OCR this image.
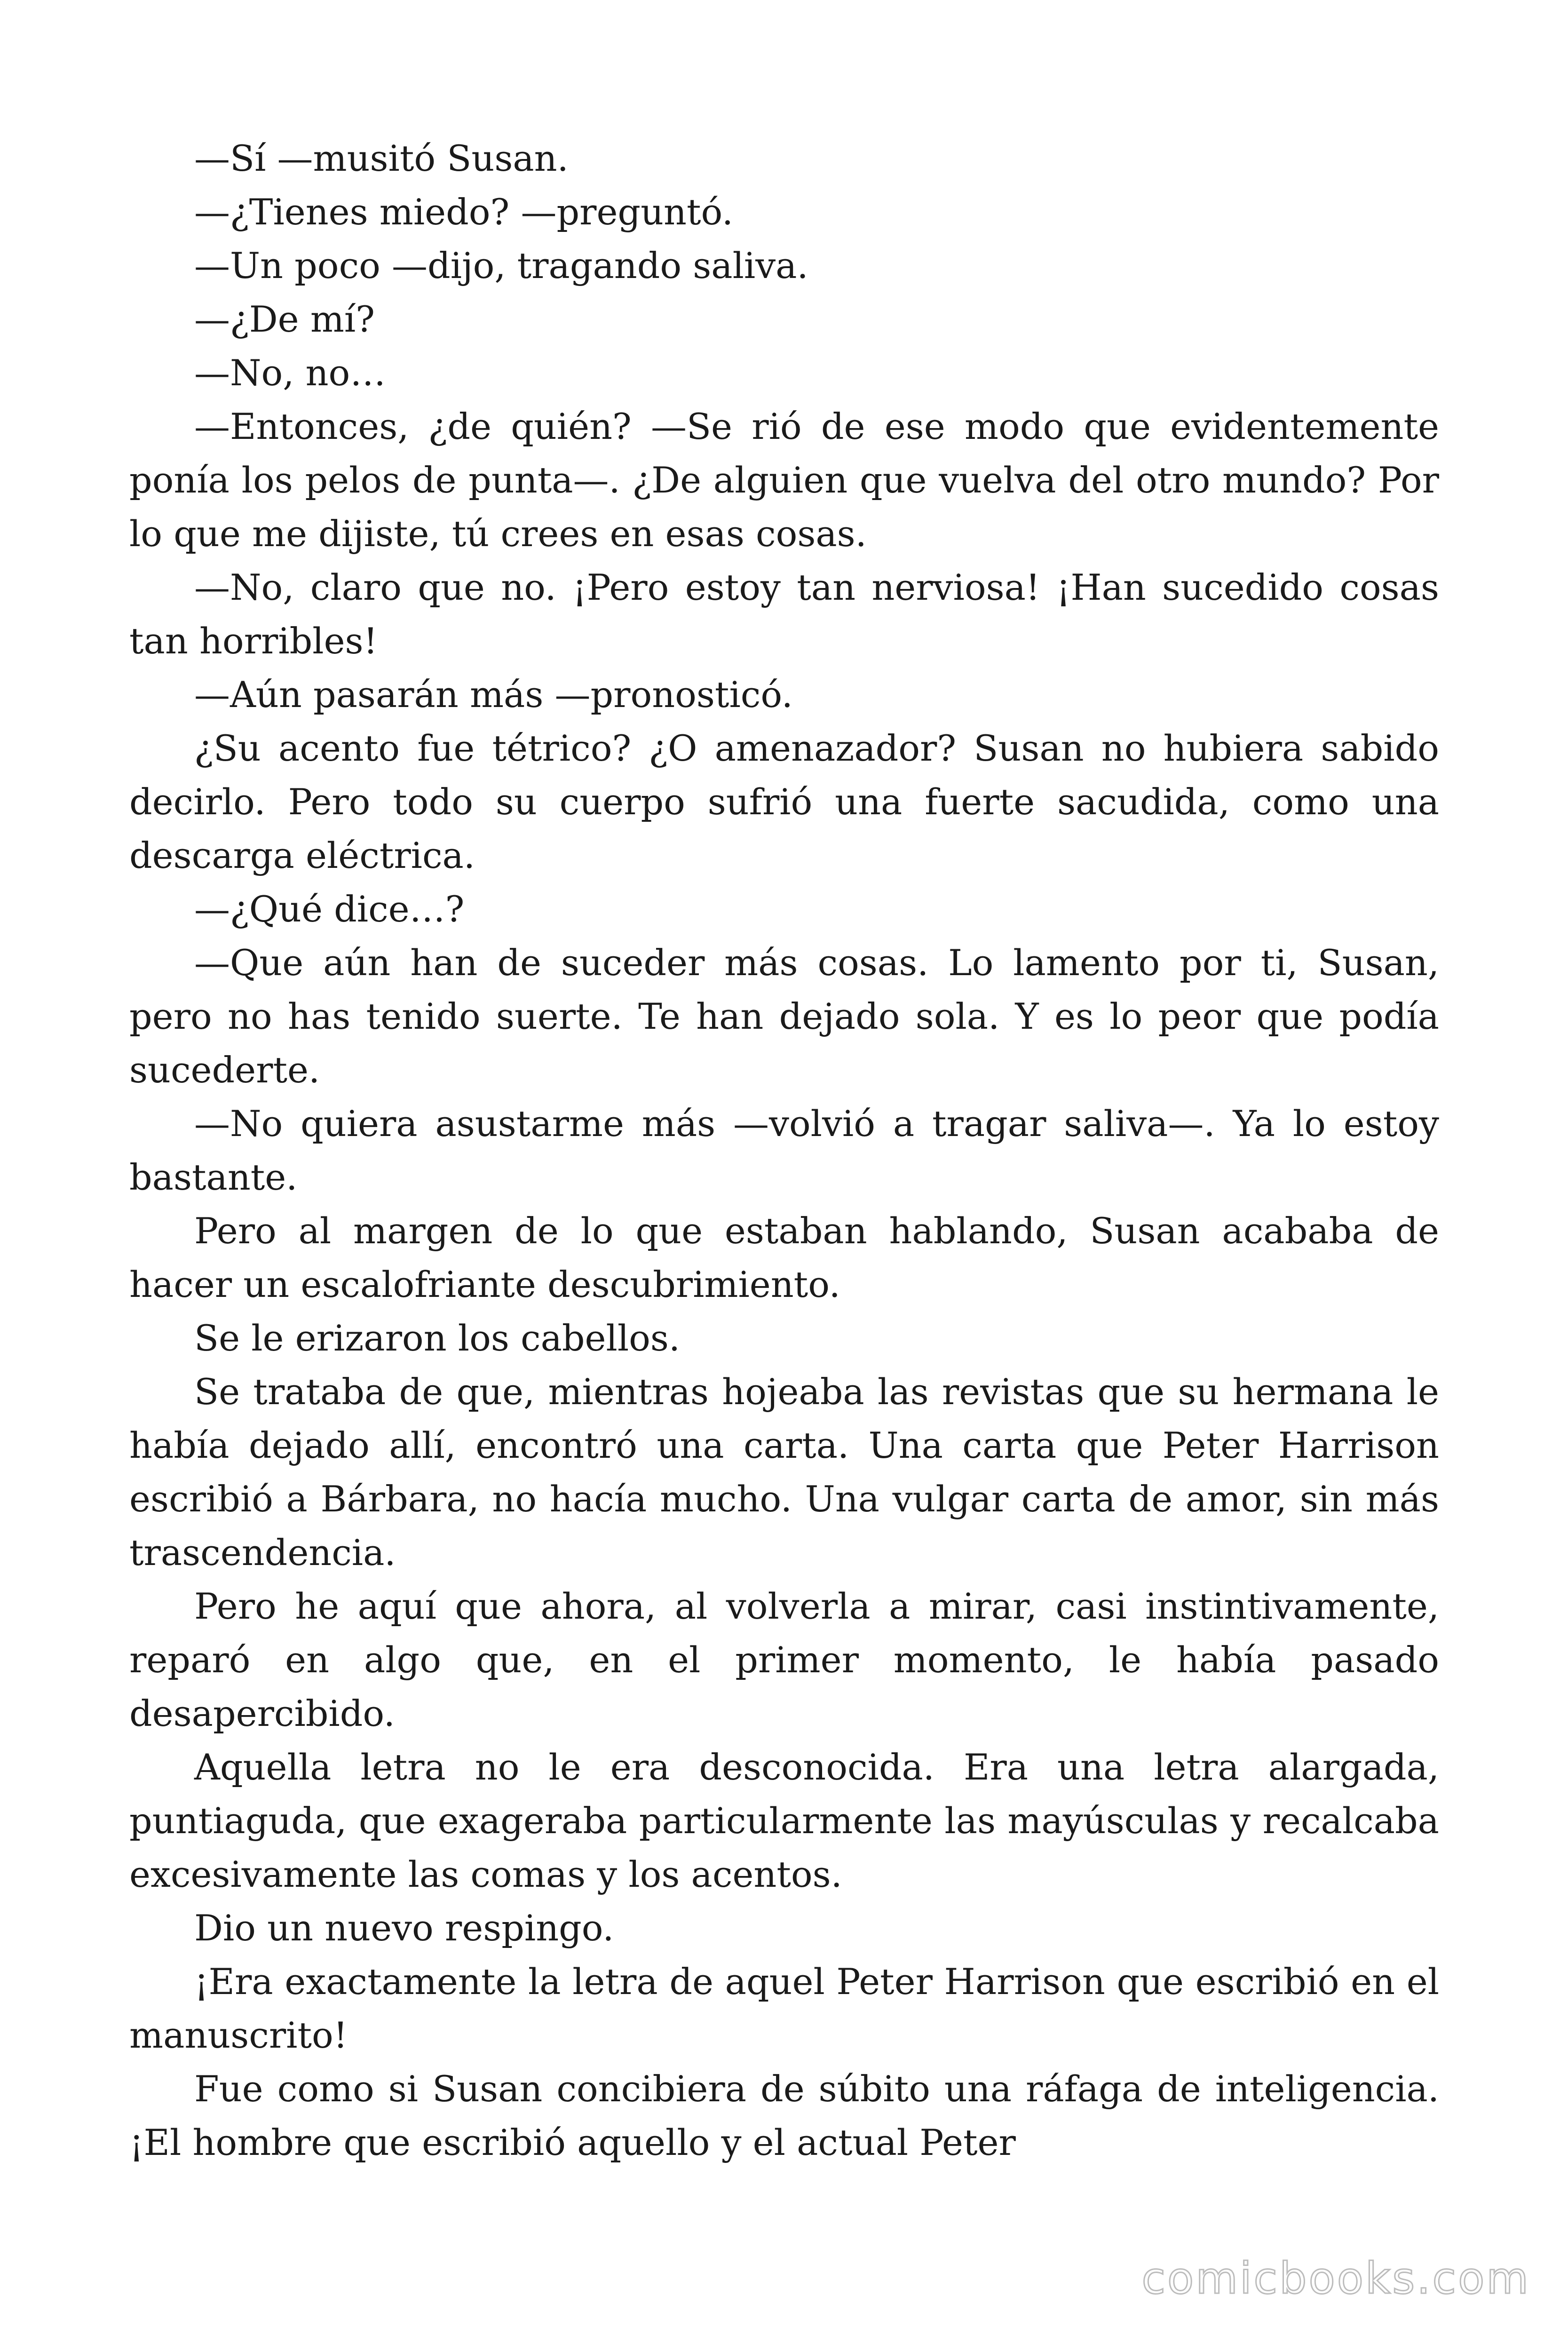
—Sí —musitó Susan.

—¿Tienes miedo? —preguntó.

—Un poco —dijo, tragando saliva.

—¿De mí?

—No, no…

—Entonces, ¿de quién? —Se rió de ese modo que evidentemente ponía los pelos de punta—. ¿De alguien que vuelva del otro mundo? Por lo que me dijiste, tú crees en esas cosas.

—No, claro que no. ¡Pero estoy tan nerviosa! ¡Han sucedido cosas tan horribles!

—Aún pasarán más —pronosticó.

¿Su acento fue tétrico? ¿O amenazador? Susan no hubiera sabido decirlo. Pero todo su cuerpo sufrió una fuerte sacudida, como una descarga eléctrica.

—¿Qué dice…?

—Que aún han de suceder más cosas. Lo lamento por ti, Susan, pero no has tenido suerte. Te han dejado sola. Y es lo peor que podía sucederte.

—No quiera asustarme más —volvió a tragar saliva—. Ya lo estoy bastante.

Pero al margen de lo que estaban hablando, Susan acababa de hacer un escalofriante descubrimiento.

Se le erizaron los cabellos.

Se trataba de que, mientras hojeaba las revistas que su hermana le había dejado allí, encontró una carta. Una carta que Peter Harrison escribió a Bárbara, no hacía mucho. Una vulgar carta de amor, sin más trascendencia.

Pero he aquí que ahora, al volverla a mirar, casi instintivamente, reparó en algo que, en el primer momento, le había pasado desapercibido.

Aquella letra no le era desconocida. Era una letra alargada, puntiaguda, que exageraba particularmente las mayúsculas y recalcaba excesivamente las comas y los acentos.

Dio un nuevo respingo.

¡Era exactamente la letra de aquel Peter Harrison que escribió en el manuscrito!

Fue como si Susan concibiera de súbito una ráfaga de inteligencia. ¡El hombre que escribió aquello y el actual Peter

comicbooks.com
